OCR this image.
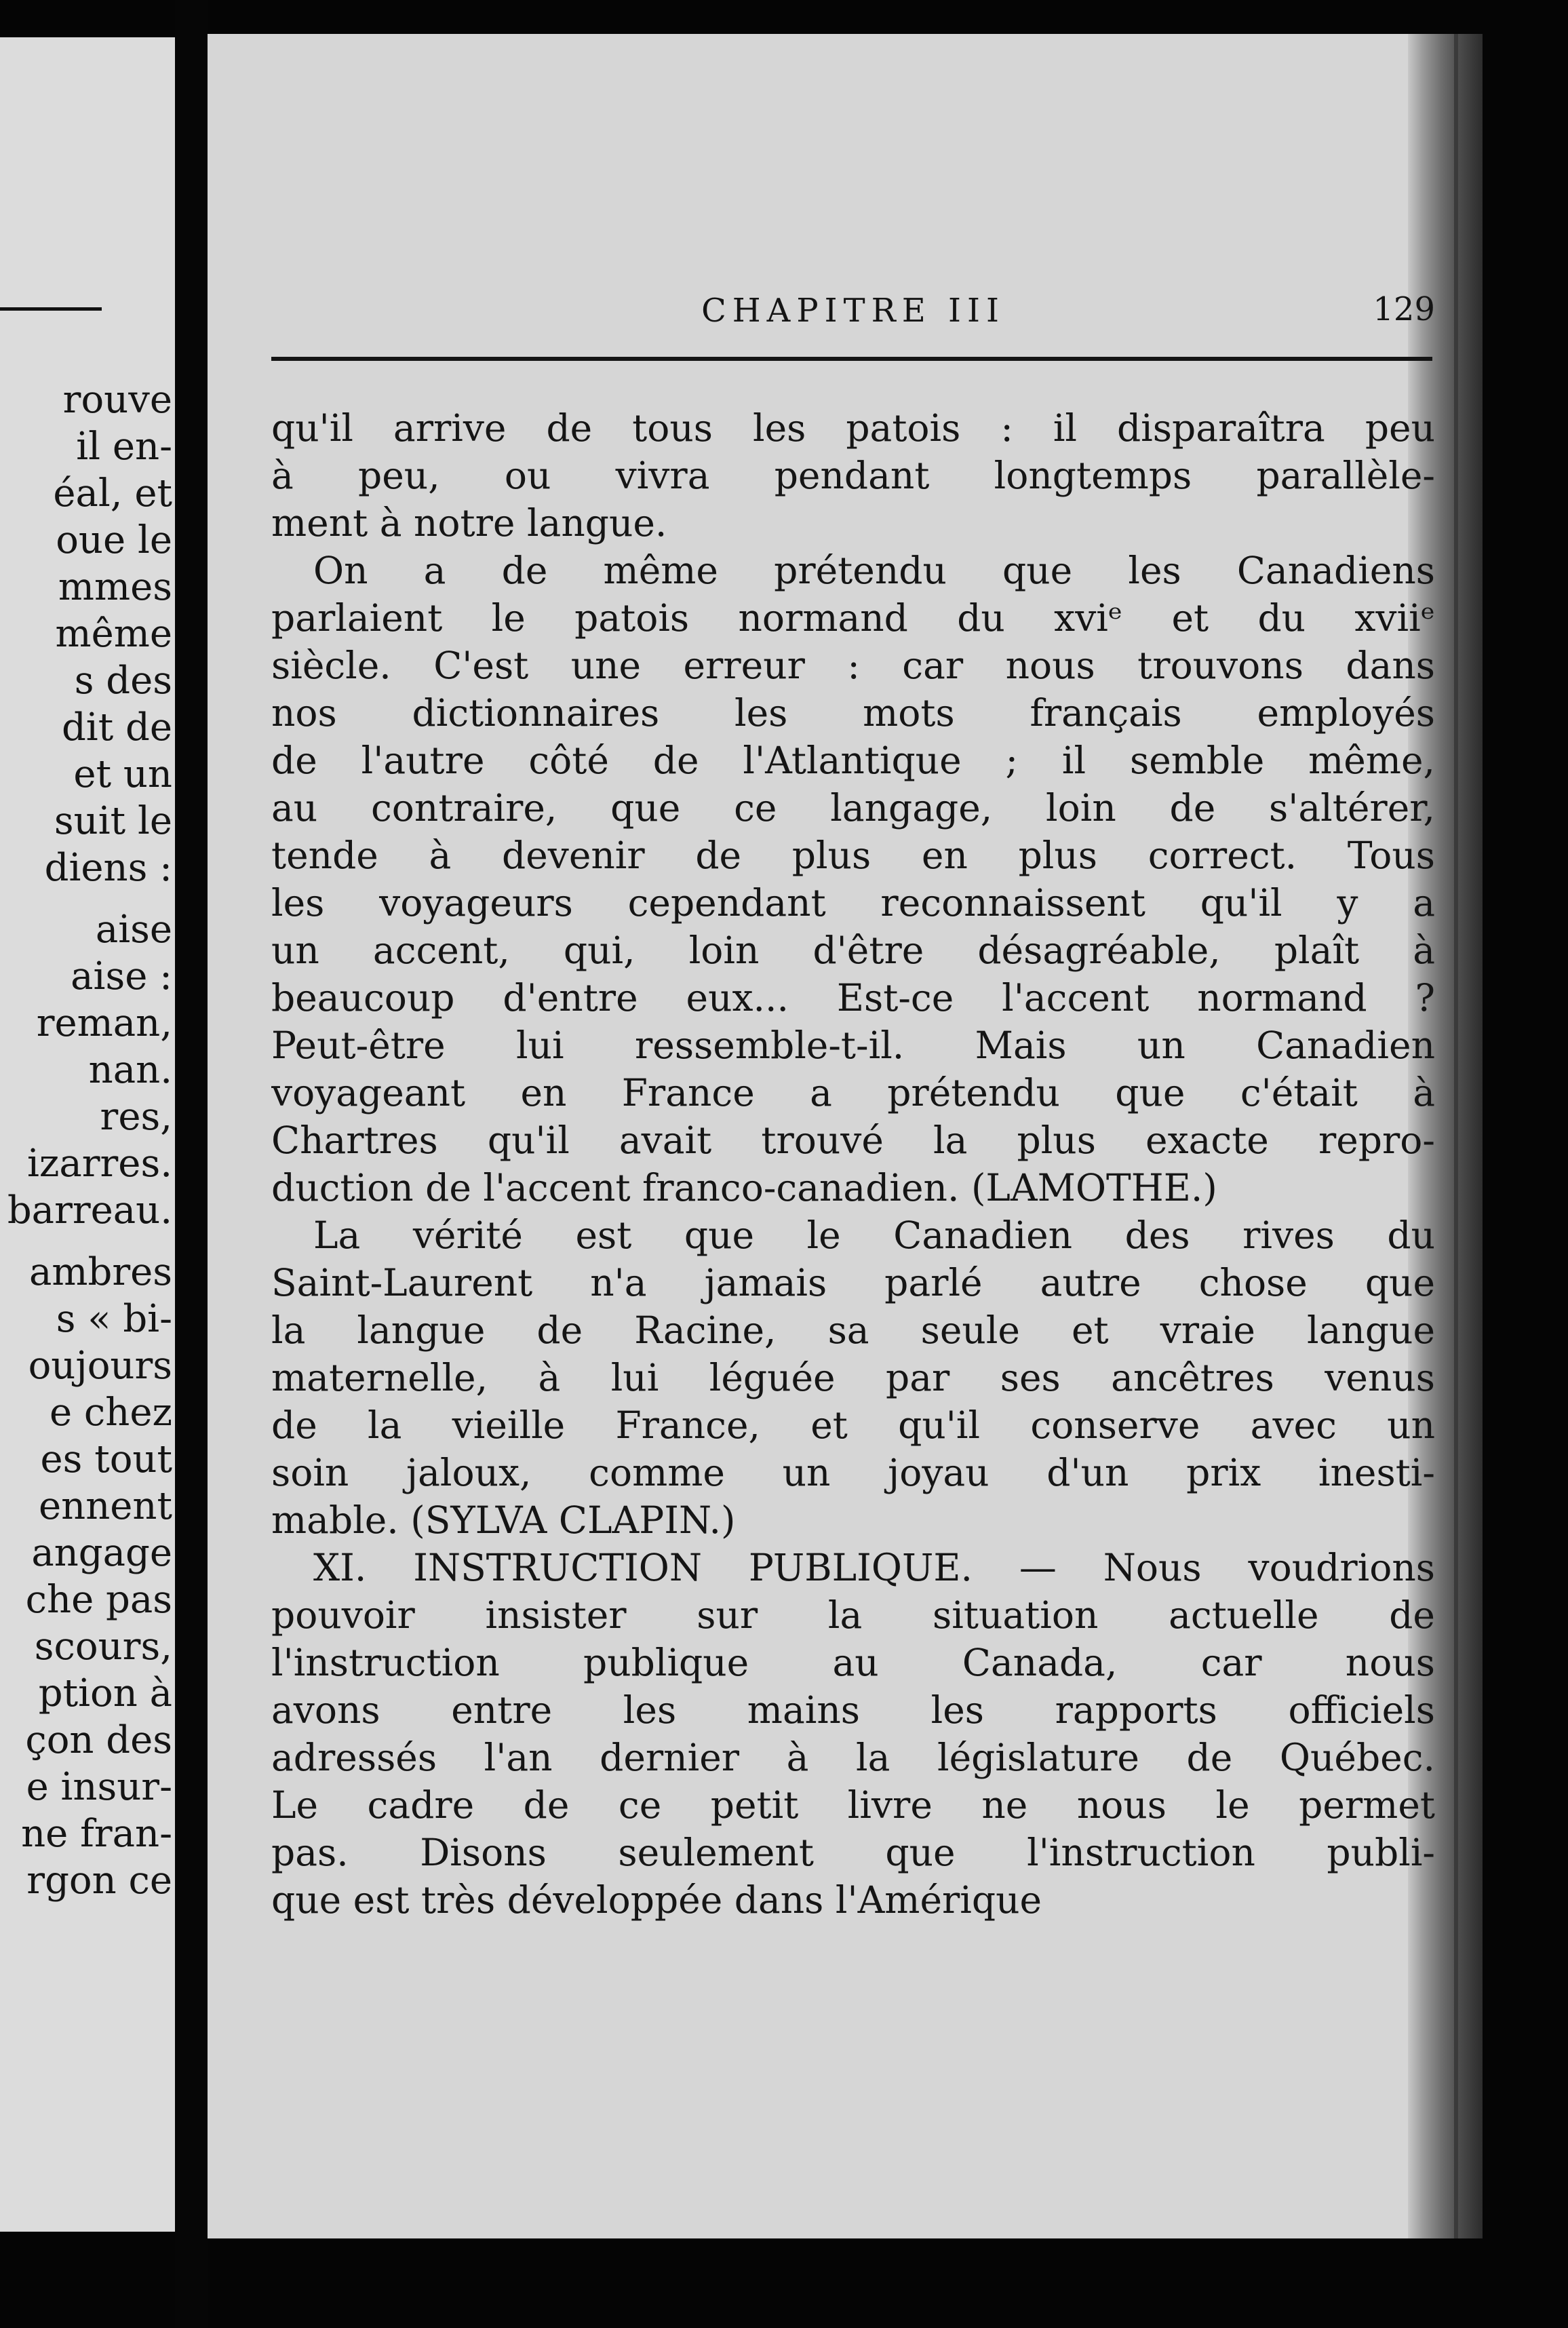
rouve
il en-
éal, et
oue le
mmes
même
s des
dit de
et un
suit le
diens :
aise
aise :
reman,
nan.
res,
izarres.
barreau.
ambres
s « bi-
oujours
e chez
es tout
ennent
angage
che pas
scours,
ption à
çon des
e insur-
ne fran-
rgon ce
CHAPITRE III	129
qu'il arrive de tous les patois : il disparaîtra peu
à peu, ou vivra pendant longtemps parallèle-
ment à notre langue.
On a de même prétendu que les Canadiens
parlaient le patois normand du xviᵉ et du xviiᵉ
siècle. C'est une erreur : car nous trouvons dans
nos dictionnaires les mots français employés
de l'autre côté de l'Atlantique ; il semble même,
au contraire, que ce langage, loin de s'altérer,
tende à devenir de plus en plus correct. Tous
les voyageurs cependant reconnaissent qu'il y a
un accent, qui, loin d'être désagréable, plaît à
beaucoup d'entre eux... Est-ce l'accent normand ?
Peut-être lui ressemble-t-il. Mais un Canadien
voyageant en France a prétendu que c'était à
Chartres qu'il avait trouvé la plus exacte repro-
duction de l'accent franco-canadien. (LAMOTHE.)
La vérité est que le Canadien des rives du
Saint-Laurent n'a jamais parlé autre chose que
la langue de Racine, sa seule et vraie langue
maternelle, à lui léguée par ses ancêtres venus
de la vieille France, et qu'il conserve avec un
soin jaloux, comme un joyau d'un prix inesti-
mable. (SYLVA CLAPIN.)
XI. INSTRUCTION PUBLIQUE. — Nous voudrions
pouvoir insister sur la situation actuelle de
l'instruction publique au Canada, car nous
avons entre les mains les rapports officiels
adressés l'an dernier à la législature de Québec.
Le cadre de ce petit livre ne nous le permet
pas. Disons seulement que l'instruction publi-
que est très développée dans l'Amérique
